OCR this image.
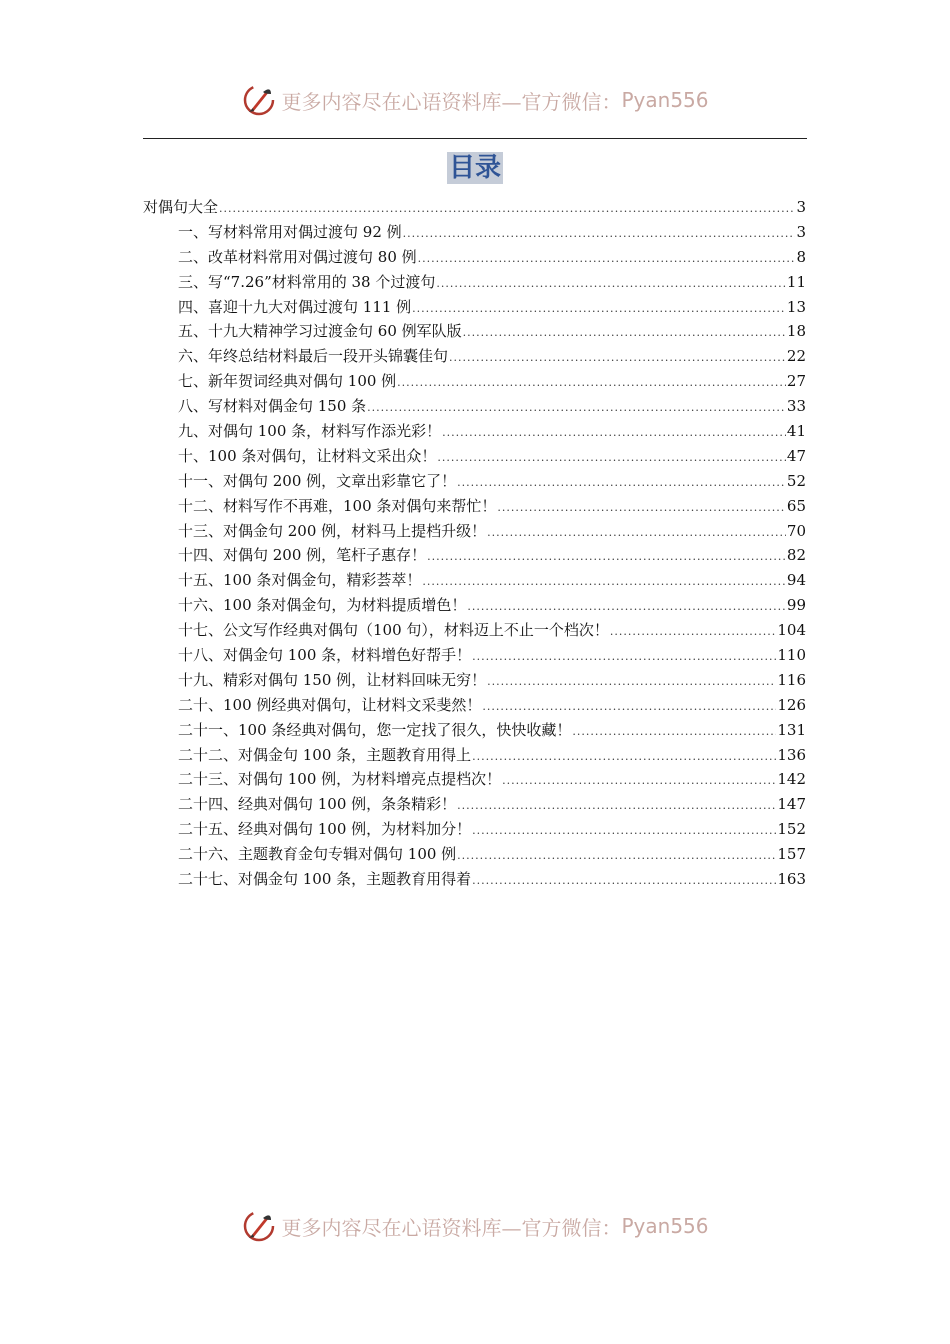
更多内容尽在心语资料库—官方微信： Pyan556
目录
对偶句大全 .....	3
一、写材料常用对偶过渡句 92 例 .....	3
二、改革材料常用对偶过渡句 80 例 .....	8
三、写“7.26”材料常用的 38 个过渡句 .....	11
四、喜迎十九大对偶过渡句 111 例 .....	13
五、十九大精神学习过渡金句 60 例军队版 .....	18
六、年终总结材料最后一段开头锦囊佳句 .....	22
七、新年贺词经典对偶句 100 例 .....	27
八、写材料对偶金句 150 条 .....	33
九、对偶句 100 条，材料写作添光彩！ .....	41
十、100 条对偶句，让材料文采出众！ .....	47
十一、对偶句 200 例，文章出彩靠它了！ .....	52
十二、材料写作不再难，100 条对偶句来帮忙！ .....	65
十三、对偶金句 200 例，材料马上提档升级！ .....	70
十四、对偶句 200 例，笔杆子惠存！ .....	82
十五、100 条对偶金句，精彩荟萃！ .....	94
十六、100 条对偶金句，为材料提质增色！ .....	99
十七、公文写作经典对偶句（100 句），材料迈上不止一个档次！ .....	104
十八、对偶金句 100 条，材料增色好帮手！ .....	110
十九、精彩对偶句 150 例，让材料回味无穷！ .....	116
二十、100 例经典对偶句，让材料文采斐然！ .....	126
二十一、100 条经典对偶句，您一定找了很久，快快收藏！ .....	131
二十二、对偶金句 100 条，主题教育用得上 .....	136
二十三、对偶句 100 例，为材料增亮点提档次！ .....	142
二十四、经典对偶句 100 例，条条精彩！ .....	147
二十五、经典对偶句 100 例，为材料加分！ .....	152
二十六、主题教育金句专辑对偶句 100 例 .....	157
二十七、对偶金句 100 条，主题教育用得着 .....	163
更多内容尽在心语资料库—官方微信： Pyan556
